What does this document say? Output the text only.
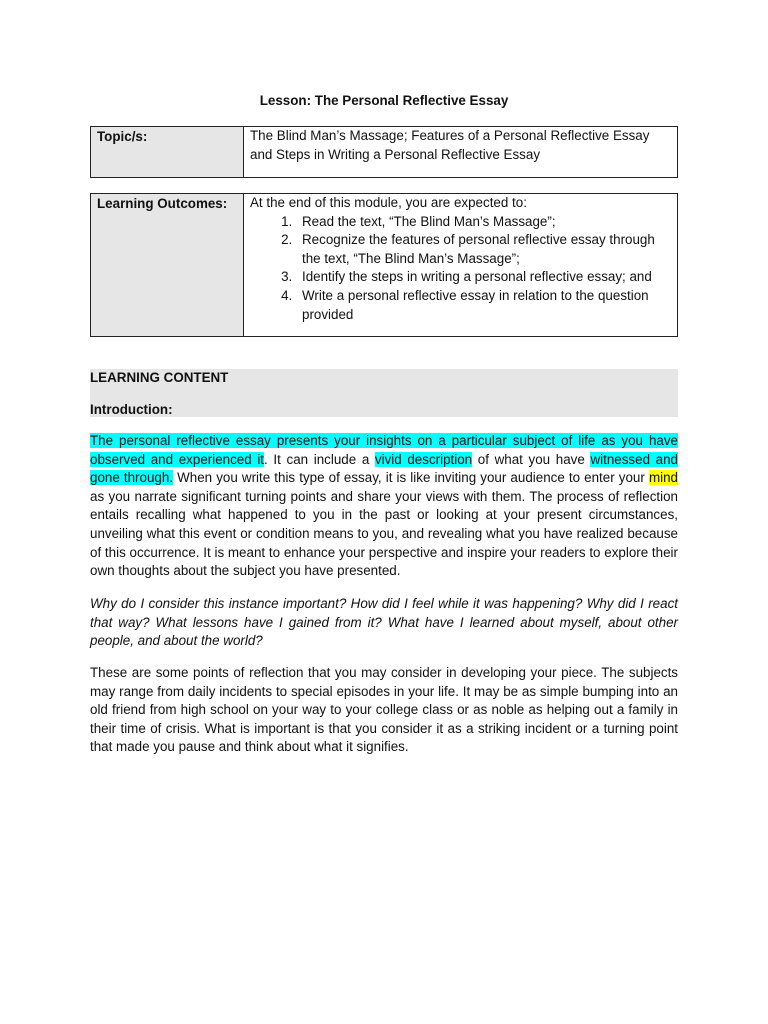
Lesson: The Personal Reflective Essay
Topic/s:	The Blind Man’s Massage; Features of a Personal Reflective Essay and Steps in Writing a Personal Reflective Essay
Learning Outcomes:	At the end of this module, you are expected to:
1. Read the text, “The Blind Man’s Massage”;
2. Recognize the features of personal reflective essay through the text, “The Blind Man’s Massage”;
3. Identify the steps in writing a personal reflective essay; and
4. Write a personal reflective essay in relation to the question provided
LEARNING CONTENT
Introduction:

The personal reflective essay presents your insights on a particular subject of life as you have observed and experienced it. It can include a vivid description of what you have witnessed and gone through. When you write this type of essay, it is like inviting your audience to enter your mind as you narrate significant turning points and share your views with them. The process of reflection entails recalling what happened to you in the past or looking at your present circumstances, unveiling what this event or condition means to you, and revealing what you have realized because of this occurrence. It is meant to enhance your perspective and inspire your readers to explore their own thoughts about the subject you have presented.

Why do I consider this instance important? How did I feel while it was happening? Why did I react that way? What lessons have I gained from it? What have I learned about myself, about other people, and about the world?

These are some points of reflection that you may consider in developing your piece. The subjects may range from daily incidents to special episodes in your life. It may be as simple bumping into an old friend from high school on your way to your college class or as noble as helping out a family in their time of crisis. What is important is that you consider it as a striking incident or a turning point that made you pause and think about what it signifies.
